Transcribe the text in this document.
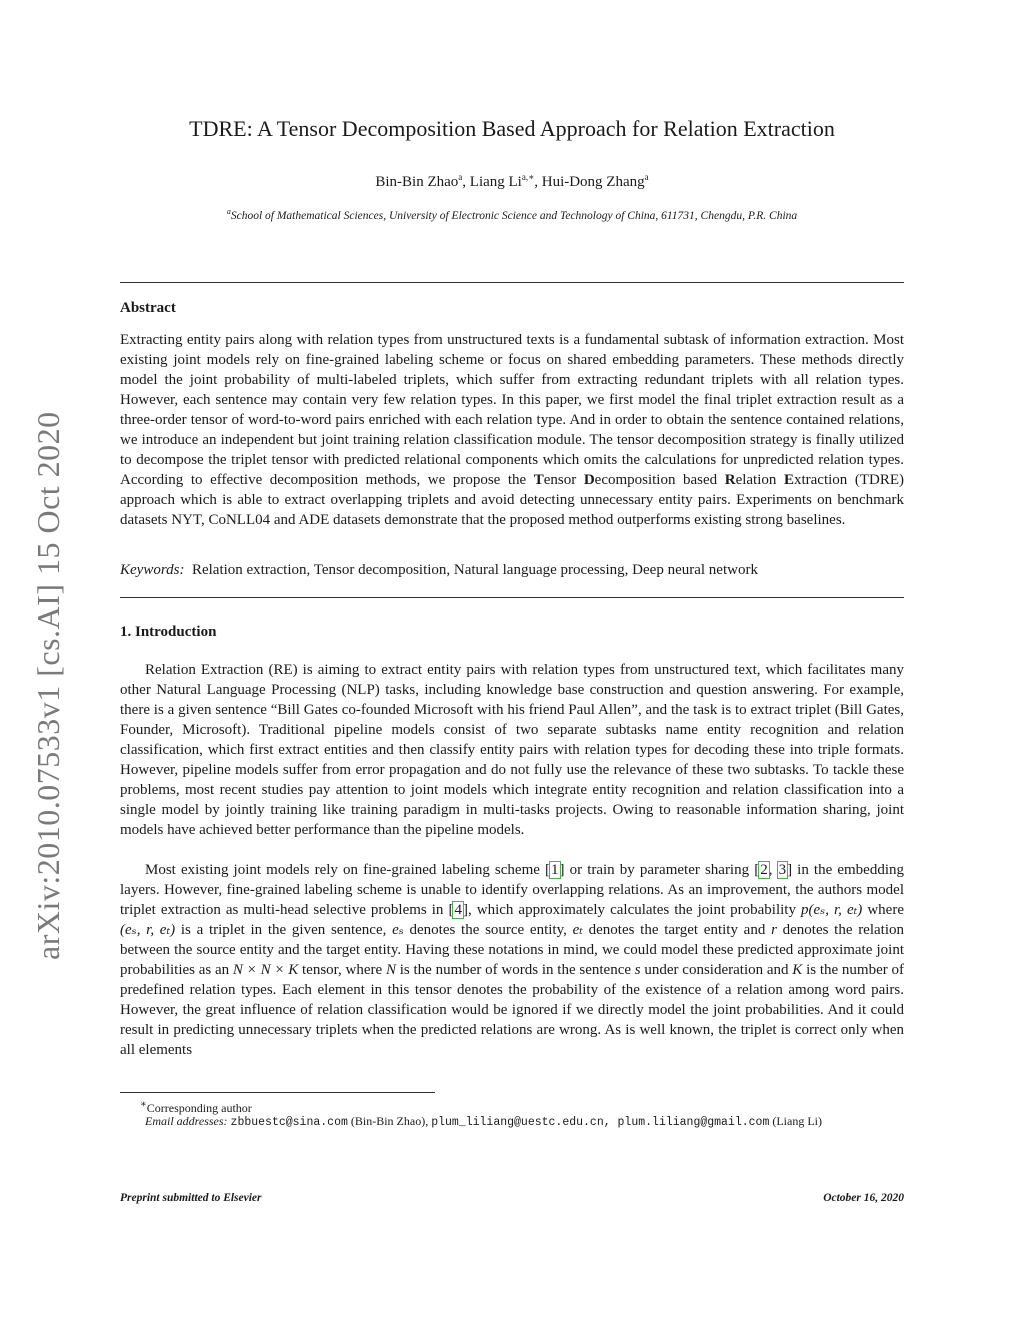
arXiv:2010.07533v1 [cs.AI] 15 Oct 2020
TDRE: A Tensor Decomposition Based Approach for Relation Extraction
Bin-Bin Zhao$^a$, Liang $Li^{a,∗}$, Hui-Dong Zhang$^a$
$^a$School of Mathematical Sciences, University of Electronic Science and Technology of China, 611731, Chengdu, P.R. China
Abstract
Extracting entity pairs along with relation types from unstructured texts is a fundamental subtask of information extraction. Most existing joint models rely on fine-grained labeling scheme or focus on shared embedding parameters. These methods directly model the joint probability of multi-labeled triplets, which suffer from extracting redundant triplets with all relation types. However, each sentence may contain very few relation types. In this paper, we first model the final triplet extraction result as a three-order tensor of word-to-word pairs enriched with each relation type. And in order to obtain the sentence contained relations, we introduce an independent but joint training relation classification module. The tensor decomposition strategy is finally utilized to decompose the triplet tensor with predicted relational components which omits the calculations for unpredicted relation types. According to effective decomposition methods, we propose the Tensor Decomposition based Relation Extraction (TDRE) approach which is able to extract overlapping triplets and avoid detecting unnecessary entity pairs. Experiments on benchmark datasets NYT, CoNLL04 and ADE datasets demonstrate that the proposed method outperforms existing strong baselines.
Keywords: Relation extraction, Tensor decomposition, Natural language processing, Deep neural network
1. Introduction
Relation Extraction (RE) is aiming to extract entity pairs with relation types from unstructured text, which facilitates many other Natural Language Processing (NLP) tasks, including knowledge base construction and question answering. For example, there is a given sentence “Bill Gates co-founded Microsoft with his friend Paul Allen”, and the task is to extract triplet (Bill Gates, Founder, Microsoft). Traditional pipeline models consist of two separate subtasks name entity recognition and relation classification, which first extract entities and then classify entity pairs with relation types for decoding these into triple formats. However, pipeline models suffer from error propagation and do not fully use the relevance of these two subtasks. To tackle these problems, most recent studies pay attention to joint models which integrate entity recognition and relation classification into a single model by jointly training like training paradigm in multi-tasks projects. Owing to reasonable information sharing, joint models have achieved better performance than the pipeline models.
Most existing joint models rely on fine-grained labeling scheme [1] or train by parameter sharing [2, 3] in the embedding layers. However, fine-grained labeling scheme is unable to identify overlapping relations. As an improvement, the authors model triplet extraction as multi-head selective problems in [4], which approximately calculates the joint probability p(eₛ, r, eₜ) where (eₛ, r, eₜ) is a triplet in the given sentence, eₛ denotes the source entity, eₜ denotes the target entity and r denotes the relation between the source entity and the target entity. Having these notations in mind, we could model these predicted approximate joint probabilities as an N × N × K tensor, where N is the number of words in the sentence s under consideration and K is the number of predefined relation types. Each element in this tensor denotes the probability of the existence of a relation among word pairs. However, the great influence of relation classification would be ignored if we directly model the joint probabilities. And it could result in predicting unnecessary triplets when the predicted relations are wrong. As is well known, the triplet is correct only when all elements
∗Corresponding author
Email addresses: zbbuestc@sina.com (Bin-Bin Zhao), plum_liliang@uestc.edu.cn, plum.liliang@gmail.com (Liang Li)
Preprint submitted to Elsevier	October 16, 2020
